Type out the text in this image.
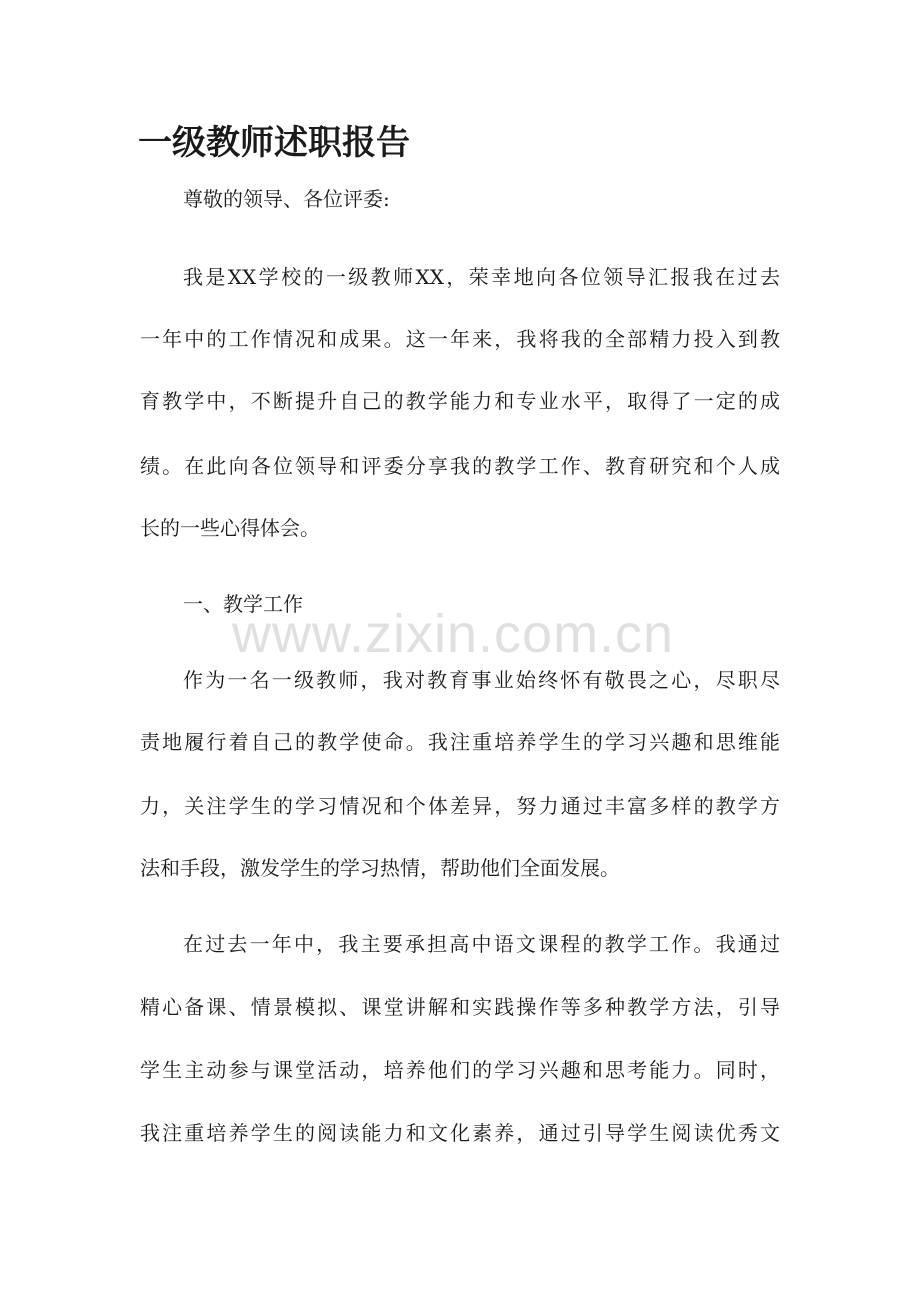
一级教师述职报告

尊敬的领导、各位评委:

我是XX学校的一级教师XX，荣幸地向各位领导汇报我在过去

一年中的工作情况和成果。这一年来，我将我的全部精力投入到教

育教学中，不断提升自己的教学能力和专业水平，取得了一定的成

绩。在此向各位领导和评委分享我的教学工作、教育研究和个人成

长的一些心得体会。

一、教学工作

www.zixin.com.cn

作为一名一级教师，我对教育事业始终怀有敬畏之心，尽职尽

责地履行着自己的教学使命。我注重培养学生的学习兴趣和思维能

力，关注学生的学习情况和个体差异，努力通过丰富多样的教学方

法和手段，激发学生的学习热情，帮助他们全面发展。

在过去一年中，我主要承担高中语文课程的教学工作。我通过

精心备课、情景模拟、课堂讲解和实践操作等多种教学方法，引导

学生主动参与课堂活动，培养他们的学习兴趣和思考能力。同时，

我注重培养学生的阅读能力和文化素养，通过引导学生阅读优秀文
